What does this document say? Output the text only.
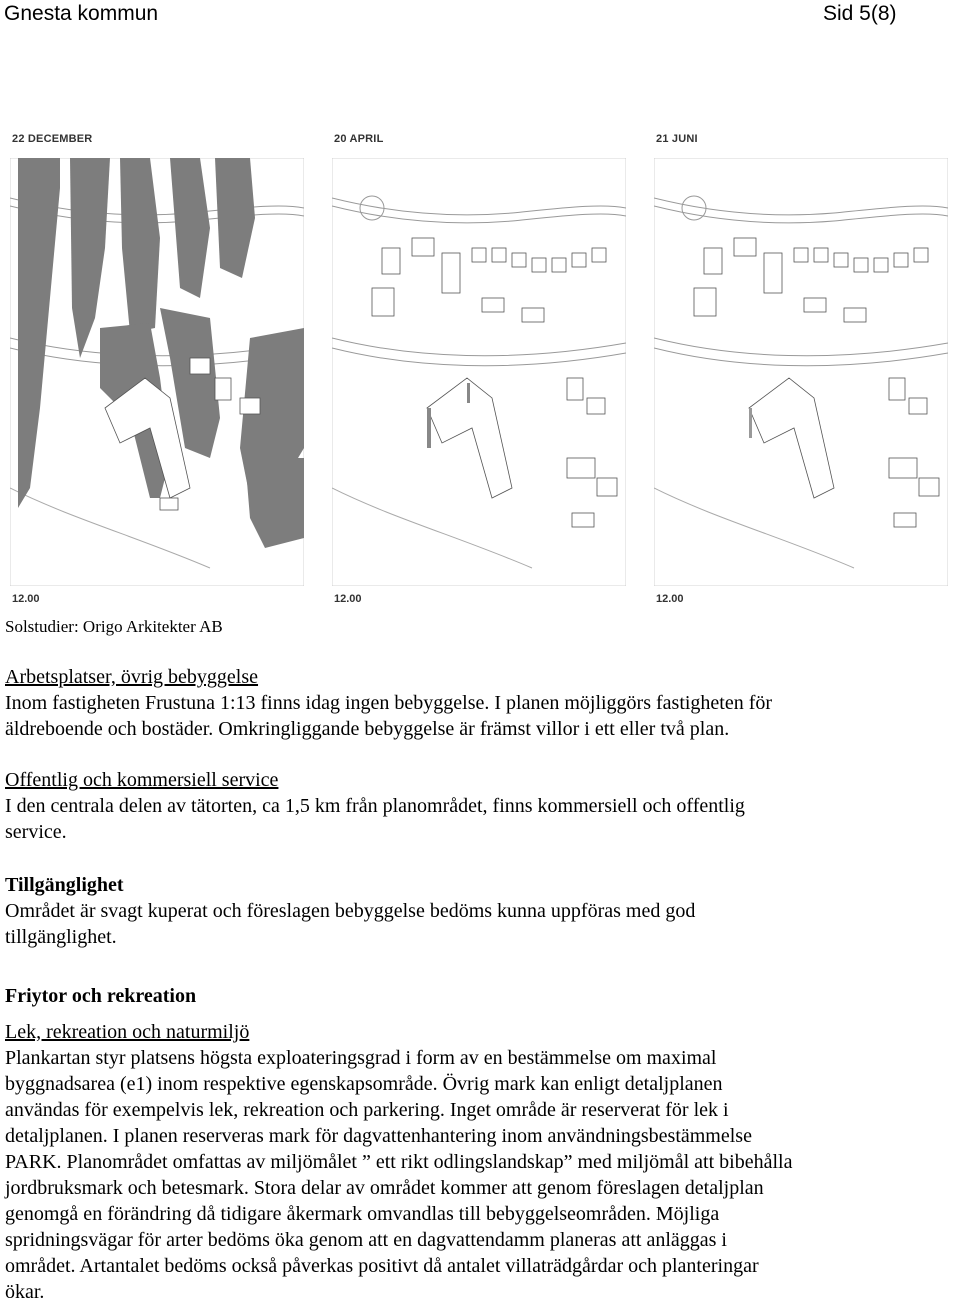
Gnesta kommun	Sid 5(8)
22 DECEMBER
12.00
20 APRIL
12.00
21 JUNI
12.00
Solstudier: Origo Arkitekter AB

Arbetsplatser, övrig bebyggelse

Inom fastigheten Frustuna 1:13 finns idag ingen bebyggelse. I planen möjliggörs fastigheten för

äldreboende och bostäder. Omkringliggande bebyggelse är främst villor i ett eller två plan.

Offentlig och kommersiell service

I den centrala delen av tätorten, ca 1,5 km från planområdet, finns kommersiell och offentlig

service.

Tillgänglighet

Området är svagt kuperat och föreslagen bebyggelse bedöms kunna uppföras med god

tillgänglighet.

Friytor och rekreation

Lek, rekreation och naturmiljö

Plankartan styr platsens högsta exploateringsgrad i form av en bestämmelse om maximal

byggnadsarea (e1) inom respektive egenskapsområde. Övrig mark kan enligt detaljplanen

användas för exempelvis lek, rekreation och parkering. Inget område är reserverat för lek i

detaljplanen. I planen reserveras mark för dagvattenhantering inom användningsbestämmelse

PARK. Planområdet omfattas av miljömålet ” ett rikt odlingslandskap” med miljömål att bibehålla

jordbruksmark och betesmark. Stora delar av området kommer att genom föreslagen detaljplan

genomgå en förändring då tidigare åkermark omvandlas till bebyggelseområden. Möjliga

spridningsvägar för arter bedöms öka genom att en dagvattendamm planeras att anläggas i

området. Artantalet bedöms också påverkas positivt då antalet villaträdgårdar och planteringar

ökar.
